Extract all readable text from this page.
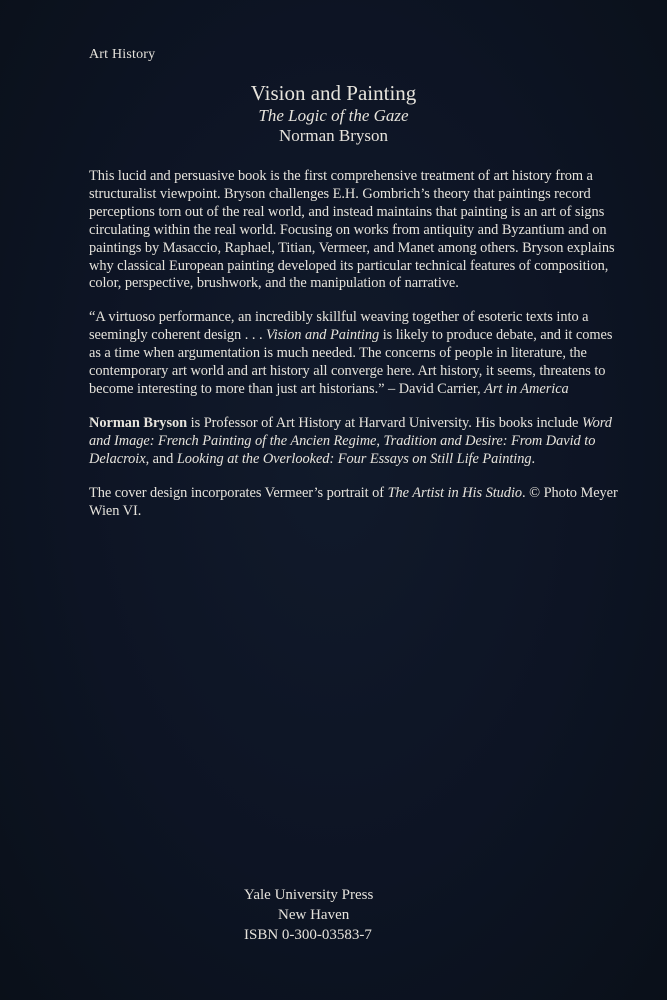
Art History
Vision and Painting
The Logic of the Gaze
Norman Bryson

This lucid and persuasive book is the first comprehensive treatment of art history from a structuralist viewpoint. Bryson challenges E.H. Gombrich’s theory that paintings record perceptions torn out of the real world, and instead maintains that painting is an art of signs circulating within the real world. Focusing on works from antiquity and Byzantium and on paintings by Masaccio, Raphael, Titian, Vermeer, and Manet among others. Bryson explains why classical European painting developed its particular technical features of composition, color, perspective, brushwork, and the manipulation of narrative.

“A virtuoso performance, an incredibly skillful weaving together of esoteric texts into a seemingly coherent design . . . Vision and Painting is likely to produce debate, and it comes as a time when argumentation is much needed. The concerns of people in literature, the contemporary art world and art history all converge here. Art history, it seems, threatens to become interesting to more than just art historians.” – David Carrier, Art in America

Norman Bryson is Professor of Art History at Harvard University. His books include Word and Image: French Painting of the Ancien Regime, Tradition and Desire: From David to Delacroix, and Looking at the Overlooked: Four Essays on Still Life Painting.

The cover design incorporates Vermeer’s portrait of The Artist in His Studio. © Photo Meyer Wien VI.

Yale University Press
New Haven
ISBN 0-300-03583-7
